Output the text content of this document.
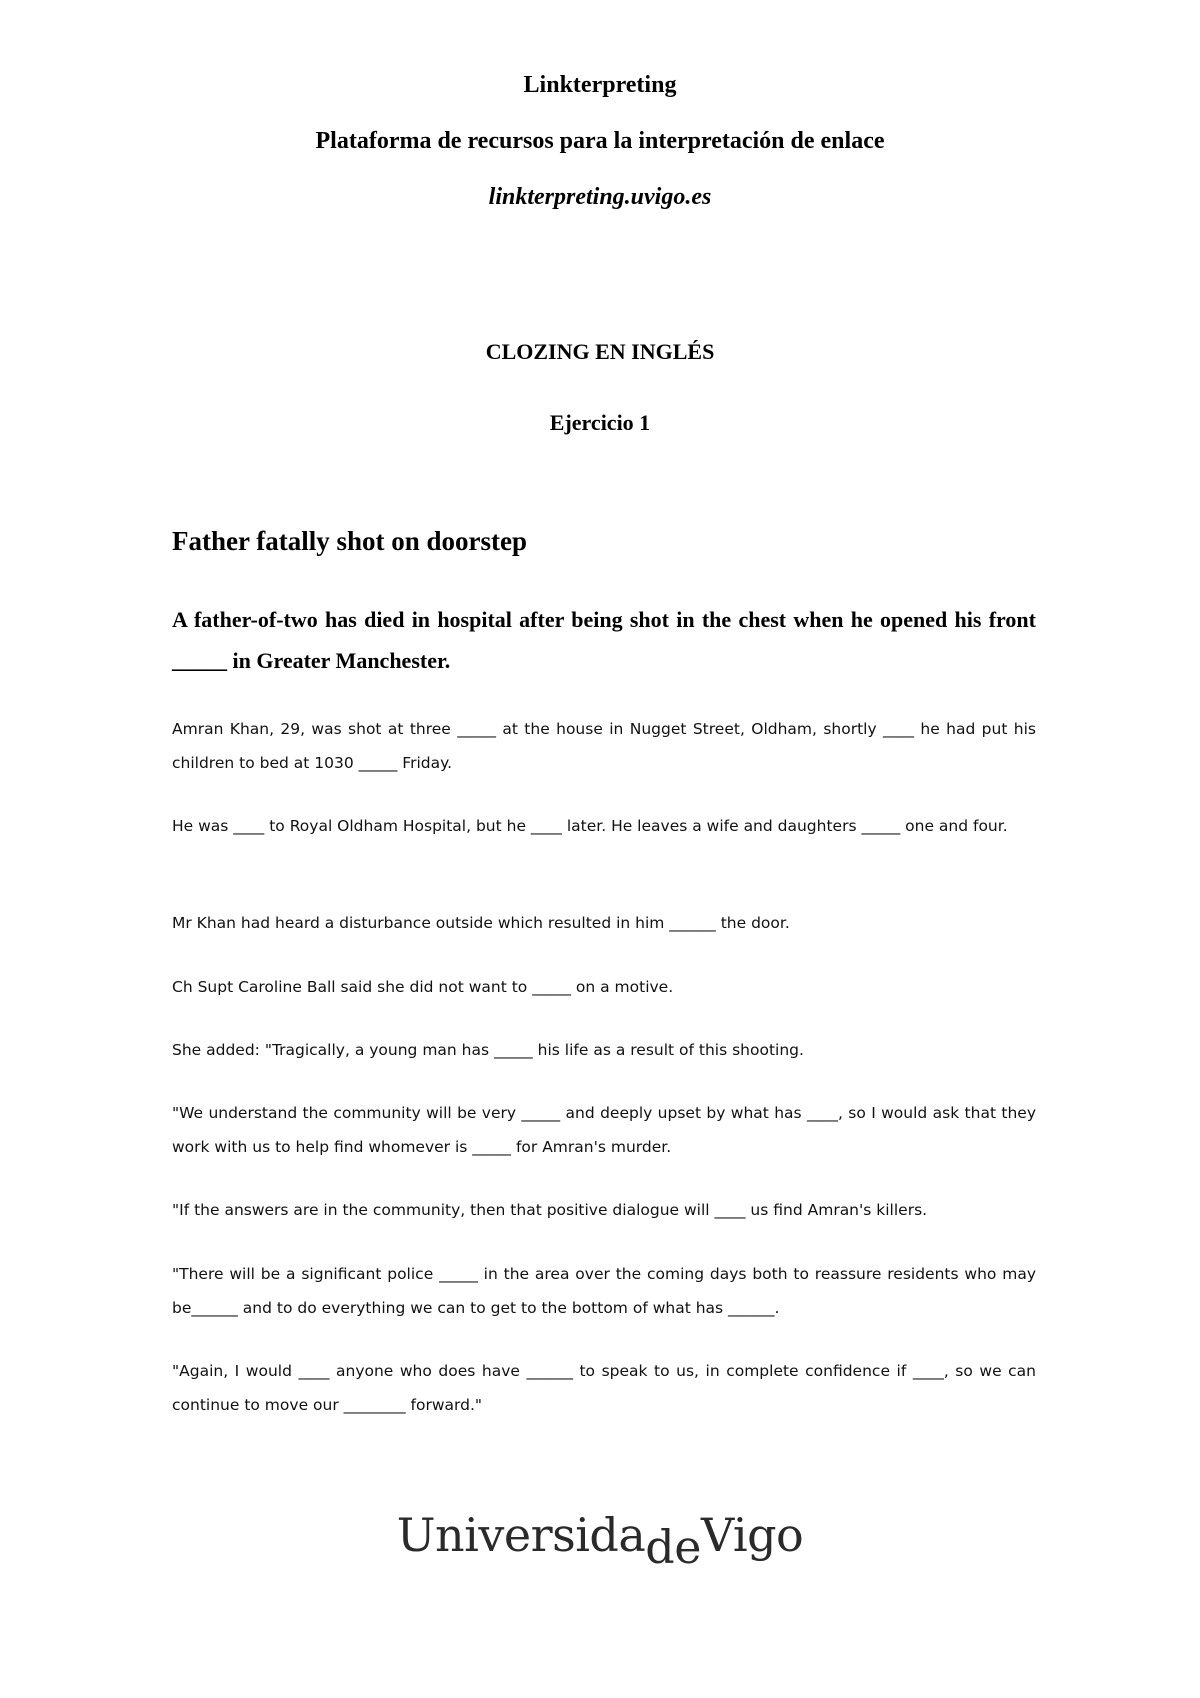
Linkterpreting
Plataforma de recursos para la interpretación de enlace
linkterpreting.uvigo.es
CLOZING EN INGLÉS
Ejercicio 1
Father fatally shot on doorstep
A father-of-two has died in hospital after being shot in the chest when he opened his front _____ in Greater Manchester.

Amran Khan, 29, was shot at three _____ at the house in Nugget Street, Oldham, shortly ____ he had put his children to bed at 1030 _____ Friday.

He was ____ to Royal Oldham Hospital, but he ____ later. He leaves a wife and daughters _____ one and four.

Mr Khan had heard a disturbance outside which resulted in him ______ the door.

Ch Supt Caroline Ball said she did not want to _____ on a motive.

She added: "Tragically, a young man has _____ his life as a result of this shooting.

"We understand the community will be very _____ and deeply upset by what has ____, so I would ask that they work with us to help find whomever is _____ for Amran's murder.

"If the answers are in the community, then that positive dialogue will ____ us find Amran's killers.

"There will be a significant police _____ in the area over the coming days both to reassure residents who may be______ and to do everything we can to get to the bottom of what has ______.

"Again, I would ____ anyone who does have ______ to speak to us, in complete confidence if ____, so we can continue to move our ________ forward."

UniversidadeVigo
